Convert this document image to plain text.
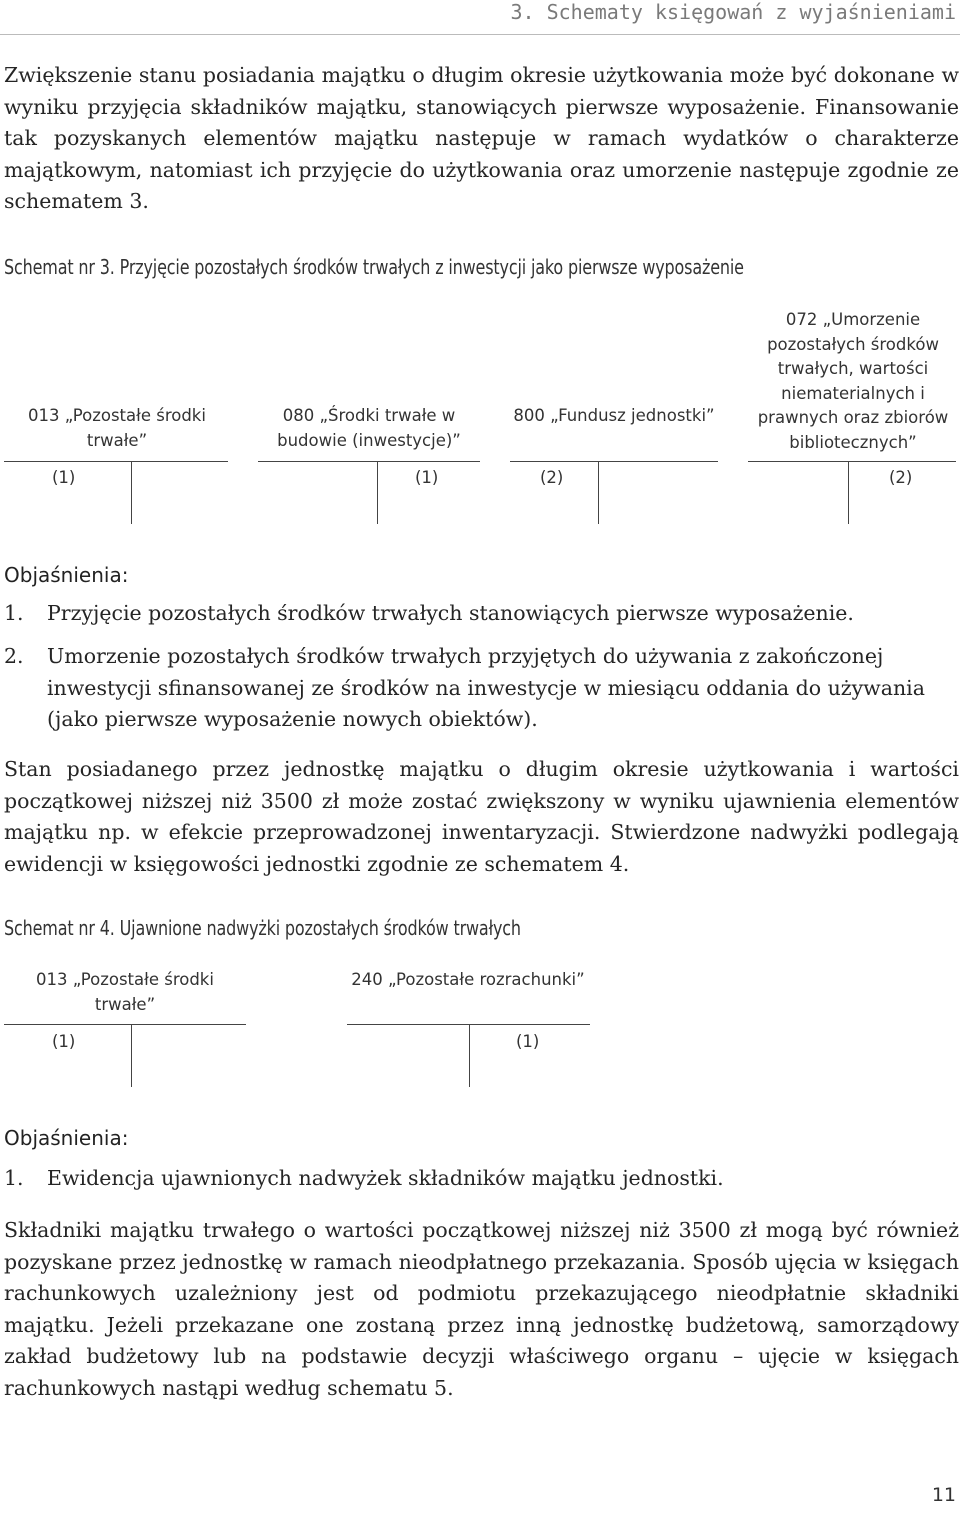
3. Schematy księgowań z wyjaśnieniami

Zwiększenie stanu posiadania majątku o długim okresie użytkowania może być dokonane w wyniku przyjęcia składników majątku, stanowiących pierwsze wyposażenie. Finansowanie tak pozyskanych elementów majątku następuje w ramach wydatków o charakterze majątkowym, natomiast ich przyjęcie do użytkowania oraz umorzenie następuje zgodnie ze schematem 3.

Schemat nr 3. Przyjęcie pozostałych środków trwałych z inwestycji jako pierwsze wyposażenie
013 „Pozostałe środki trwałe”
(1)
080 „Środki trwałe w budowie (inwestycje)”
(1)
800 „Fundusz jednostki”
(2)
072 „Umorzenie pozostałych środków trwałych, wartości niematerialnych i prawnych oraz zbiorów bibliotecznych”
(2)
Objaśnienia:
1. Przyjęcie pozostałych środków trwałych stanowiących pierwsze wyposażenie.
2. Umorzenie pozostałych środków trwałych przyjętych do używania z zakończonej inwestycji sfinansowanej ze środków na inwestycje w miesiącu oddania do używania (jako pierwsze wyposażenie nowych obiektów).

Stan posiadanego przez jednostkę majątku o długim okresie użytkowania i wartości początkowej niższej niż 3500 zł może zostać zwiększony w wyniku ujawnienia elementów majątku np. w efekcie przeprowadzonej inwentaryzacji. Stwierdzone nadwyżki podlegają ewidencji w księgowości jednostki zgodnie ze schematem 4.

Schemat nr 4. Ujawnione nadwyżki pozostałych środków trwałych
013 „Pozostałe środki trwałe”
(1)
240 „Pozostałe rozrachunki”
(1)
Objaśnienia:
1. Ewidencja ujawnionych nadwyżek składników majątku jednostki.

Składniki majątku trwałego o wartości początkowej niższej niż 3500 zł mogą być również pozyskane przez jednostkę w ramach nieodpłatnego przekazania. Sposób ujęcia w księgach rachunkowych uzależniony jest od podmiotu przekazującego nieodpłatnie składniki majątku. Jeżeli przekazane one zostaną przez inną jednostkę budżetową, samorządowy zakład budżetowy lub na podstawie decyzji właściwego organu – ujęcie w księgach rachunkowych nastąpi według schematu 5.

11
